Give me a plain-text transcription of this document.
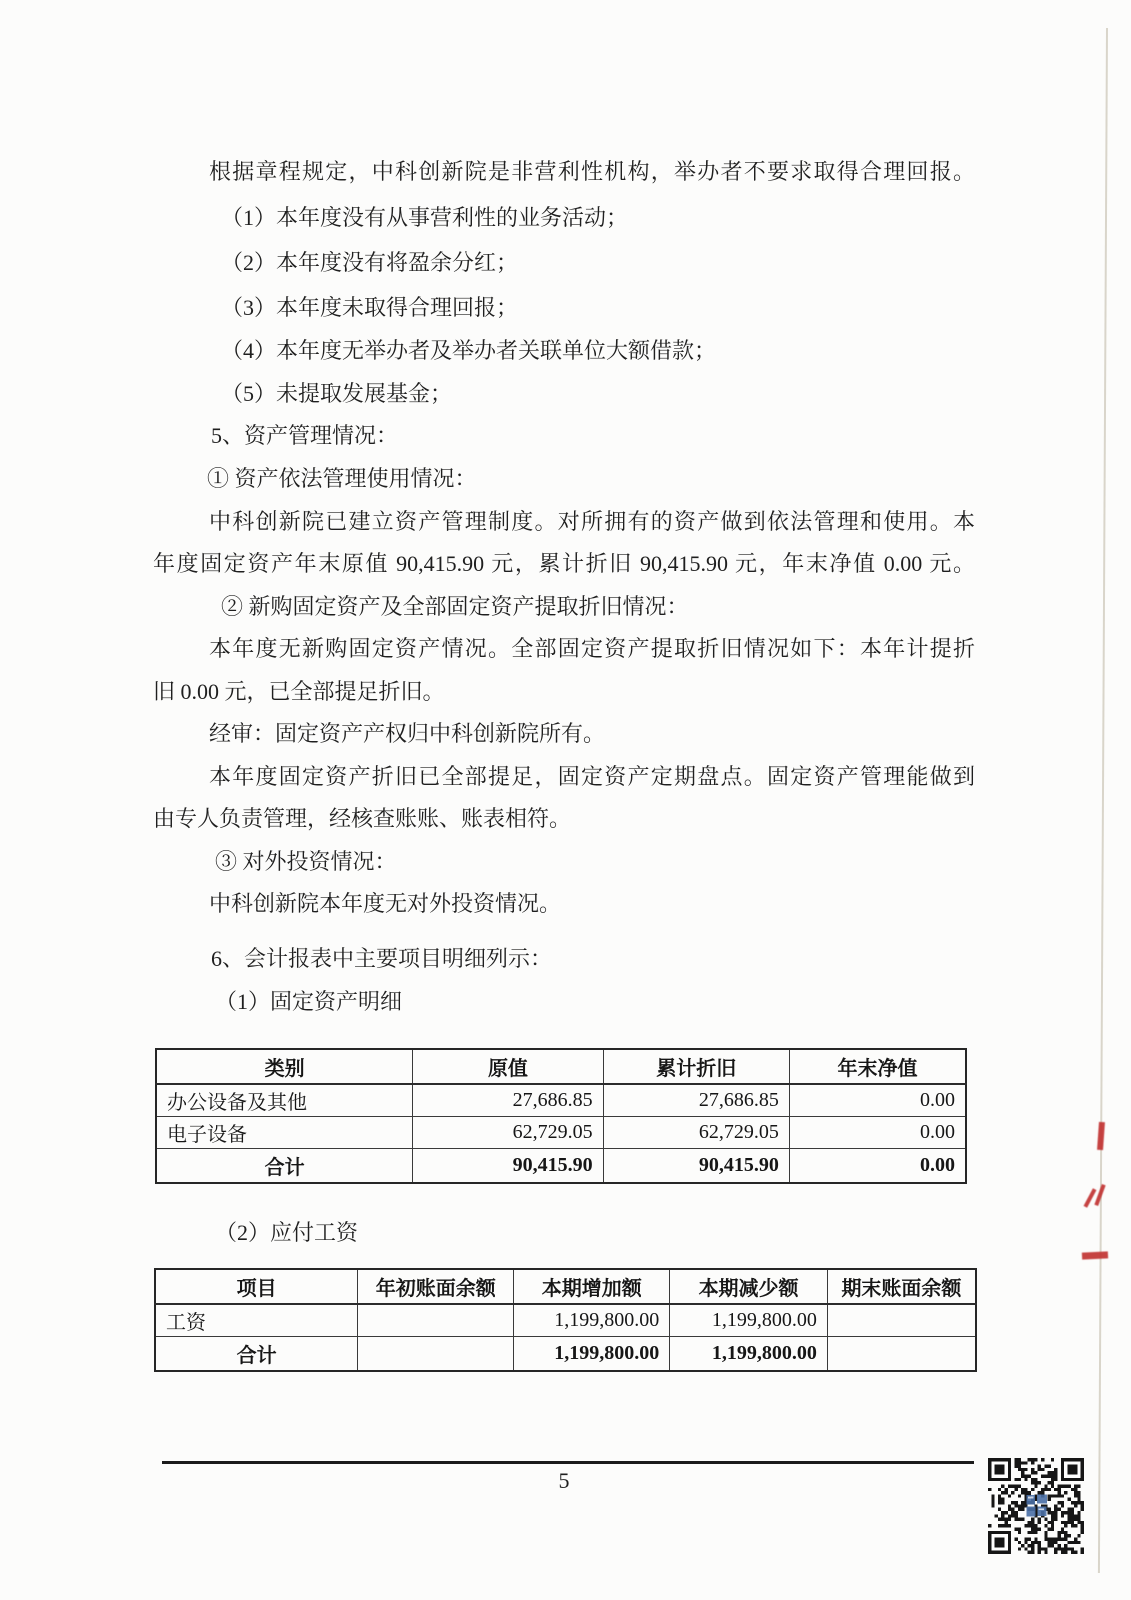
根据章程规定，中科创新院是非营利性机构，举办者不要求取得合理回报。
（1）本年度没有从事营利性的业务活动；
（2）本年度没有将盈余分红；
（3）本年度未取得合理回报；
（4）本年度无举办者及举办者关联单位大额借款；
（5）未提取发展基金；
5、资产管理情况：
① 资产依法管理使用情况：
中科创新院已建立资产管理制度。对所拥有的资产做到依法管理和使用。本
年度固定资产年末原值 90,415.90 元，累计折旧 90,415.90 元，年末净值 0.00 元。
② 新购固定资产及全部固定资产提取折旧情况：
本年度无新购固定资产情况。全部固定资产提取折旧情况如下：本年计提折
旧 0.00 元，已全部提足折旧。
经审：固定资产产权归中科创新院所有。
本年度固定资产折旧已全部提足，固定资产定期盘点。固定资产管理能做到
由专人负责管理，经核查账账、账表相符。
③ 对外投资情况：
中科创新院本年度无对外投资情况。
6、会计报表中主要项目明细列示：
（1）固定资产明细
类别	原值	累计折旧	年末净值
办公设备及其他	27,686.85	27,686.85	0.00
电子设备	62,729.05	62,729.05	0.00
合计	90,415.90	90,415.90	0.00
（2）应付工资
项目	年初账面余额	本期增加额	本期减少额	期末账面余额
工资		1,199,800.00	1,199,800.00	
合计		1,199,800.00	1,199,800.00	
5
